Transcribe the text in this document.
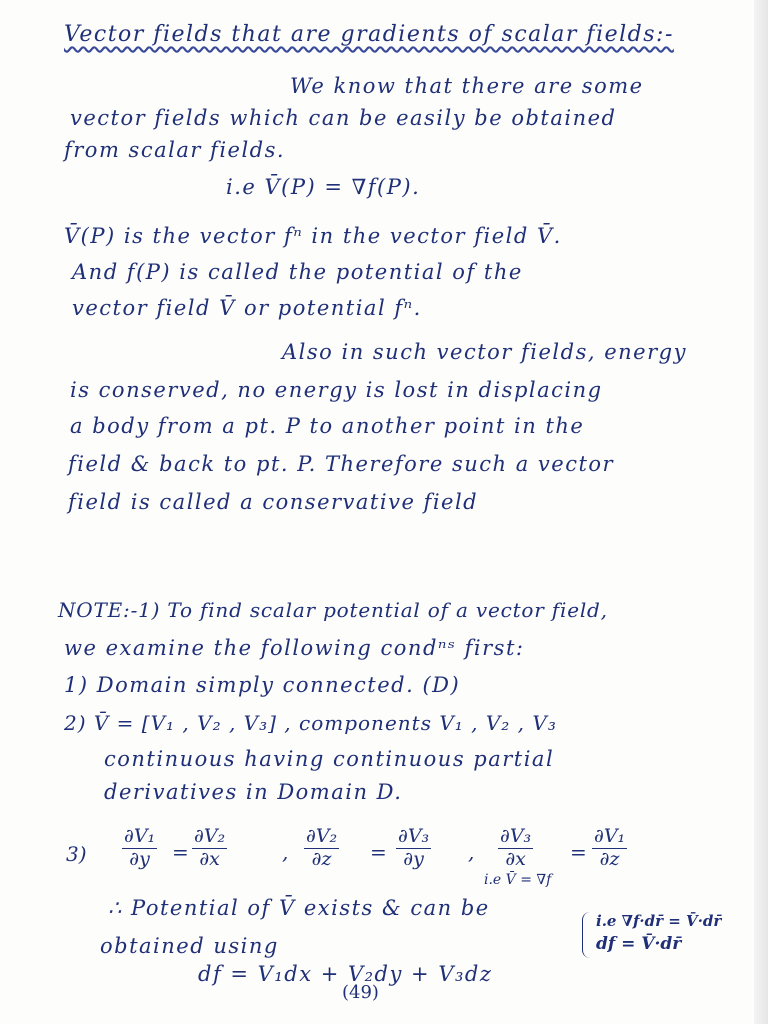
Vector fields that are gradients of scalar fields:-
We know that there are some
vector fields which can be easily be obtained
from scalar fields.
i.e V̄(P) = ∇f(P).
V̄(P) is the vector fⁿ in the vector field V̄.
And f(P) is called the potential of the
vector field V̄ or potential fⁿ.
Also in such vector fields, energy
is conserved, no energy is lost in displacing
a body from a pt. P to another point in the
field & back to pt. P. Therefore such a vector
field is called a conservative field
NOTE:-1) To find scalar potential of a vector field,
we examine the following condⁿˢ first:
1) Domain simply connected. (D)
2) V̄ = [V₁ , V₂ , V₃] , components V₁ , V₂ , V₃
continuous having continuous partial
derivatives in Domain D.
$3) \frac{\text{∂V₁}}{\partial y} = \frac{\text{∂V₂}}{\partial x}$	, $\frac{\text{∂V₂}}{\partial z} = \frac{\text{∂V₃}}{\partial y}$ , $\frac{\text{∂V₃}}{\partial x} = \frac{\text{∂V₁}}{\partial z}$
i.e V̄ = ∇f
∴ Potential of V̄ exists & can be
obtained using
df = V₁dx + V₂dy + V₃dz
i.e ∇f·dr̄ = V̄·dr̄
df = V̄·dr̄
(49)
